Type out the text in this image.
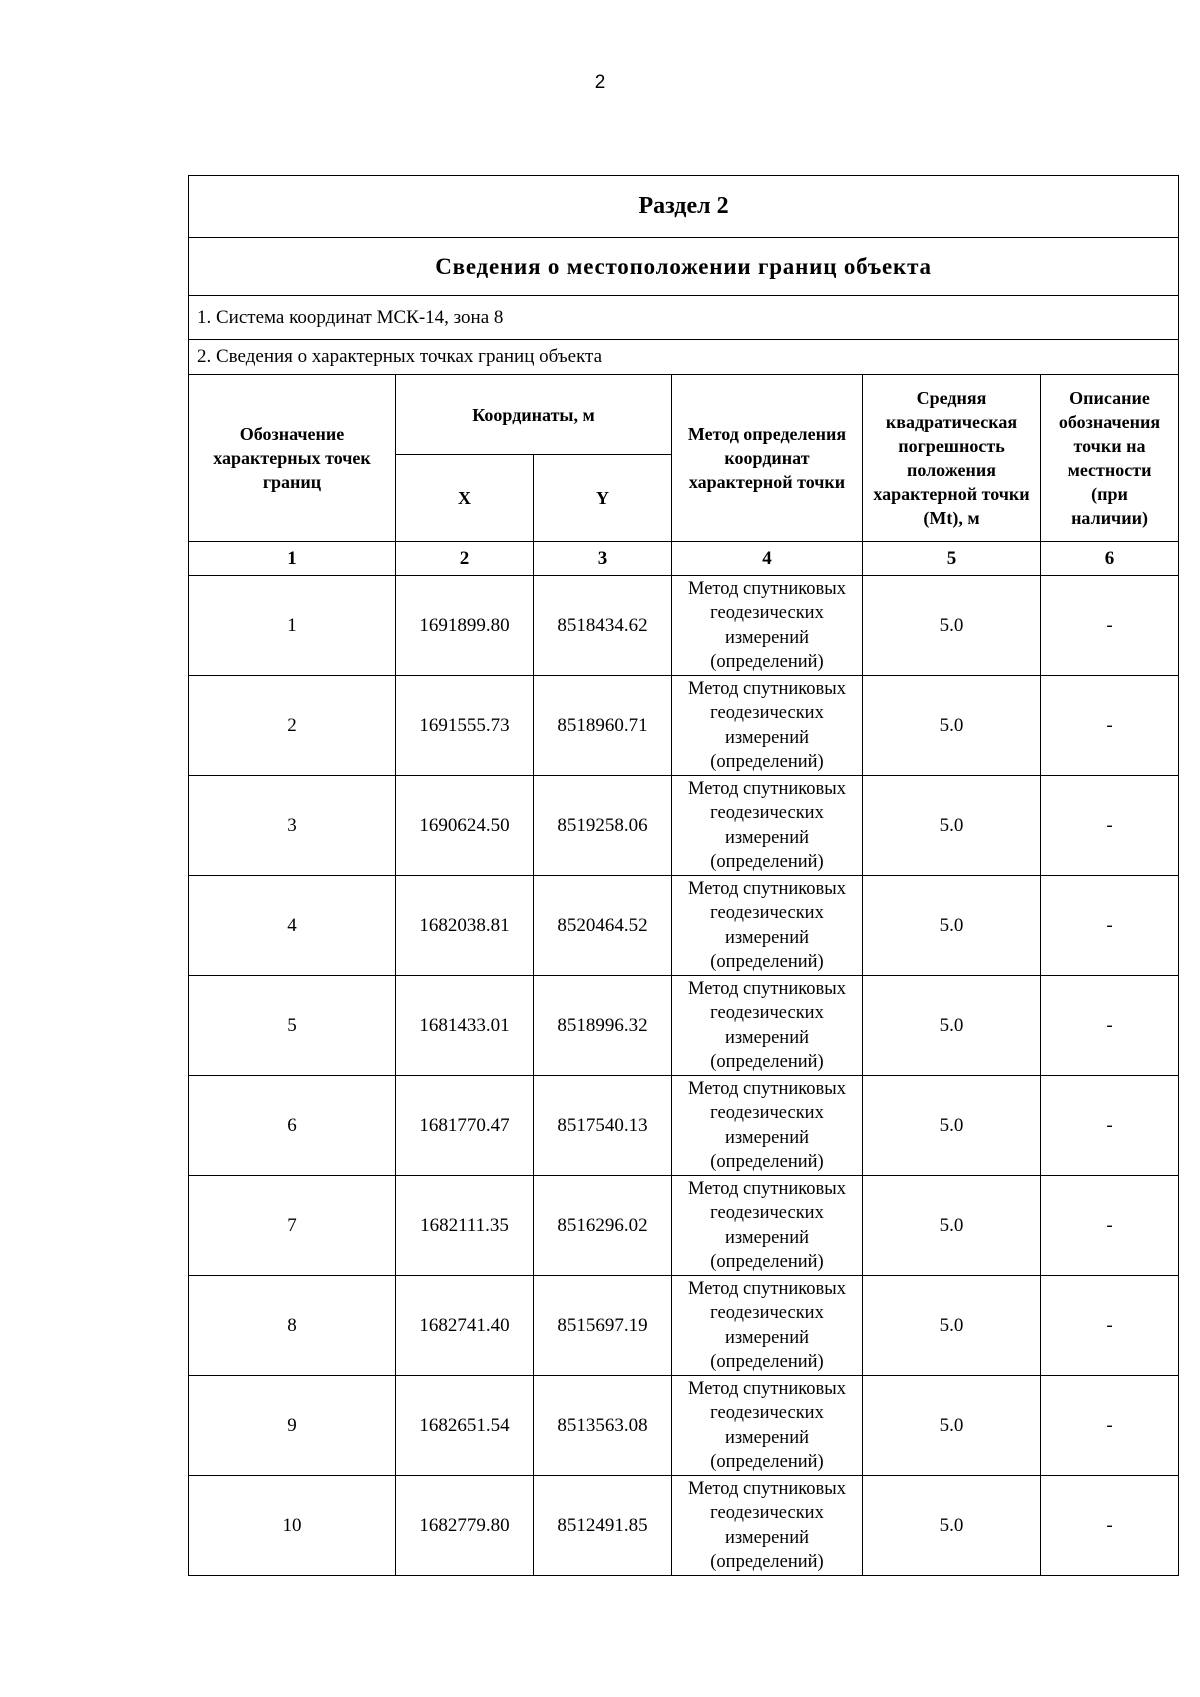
2
Раздел 2					
Сведения о местоположении границ объекта					
1. Система координат МСК-14, зона 8					
2. Сведения о характерных точках границ объекта					
Обозначение характерных точек границ	Координаты, м		Метод определения координат характерной точки	Средняя квадратическая погрешность положения характерной точки (Mt), м	Описание обозначения точки на местности (при наличии)
	X	Y			
1	2	3	4	5	6
1	1691899.80	8518434.62	Метод спутниковых
геодезических
измерений
(определений)	5.0	-
2	1691555.73	8518960.71	Метод спутниковых
геодезических
измерений
(определений)	5.0	-
3	1690624.50	8519258.06	Метод спутниковых
геодезических
измерений
(определений)	5.0	-
4	1682038.81	8520464.52	Метод спутниковых
геодезических
измерений
(определений)	5.0	-
5	1681433.01	8518996.32	Метод спутниковых
геодезических
измерений
(определений)	5.0	-
6	1681770.47	8517540.13	Метод спутниковых
геодезических
измерений
(определений)	5.0	-
7	1682111.35	8516296.02	Метод спутниковых
геодезических
измерений
(определений)	5.0	-
8	1682741.40	8515697.19	Метод спутниковых
геодезических
измерений
(определений)	5.0	-
9	1682651.54	8513563.08	Метод спутниковых
геодезических
измерений
(определений)	5.0	-
10	1682779.80	8512491.85	Метод спутниковых
геодезических
измерений
(определений)	5.0	-
